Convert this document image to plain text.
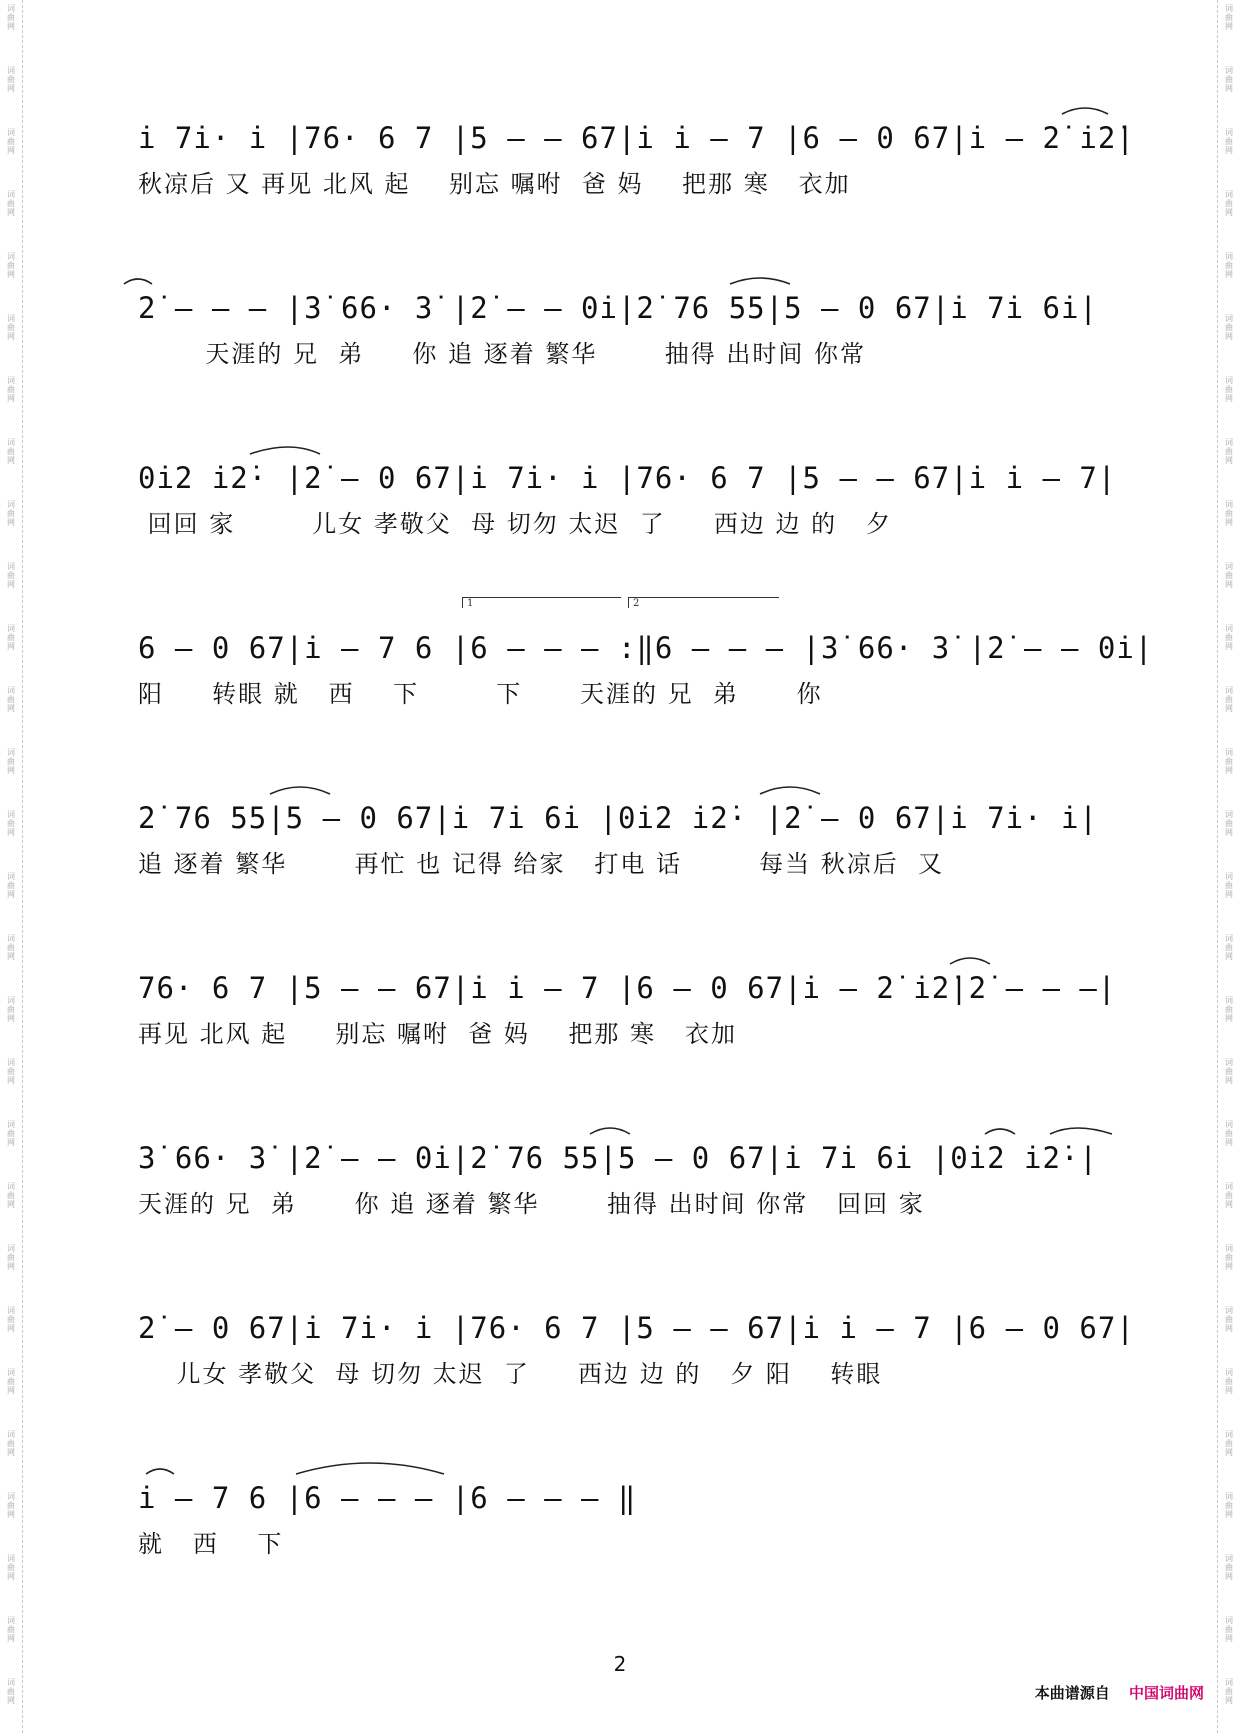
词
曲
网
词
曲
网
词
曲
网
词
曲
网
词
曲
网
词
曲
网
词
曲
网
词
曲
网
词
曲
网
词
曲
网
词
曲
网
词
曲
网
词
曲
网
词
曲
网
词
曲
网
词
曲
网
词
曲
网
词
曲
网
词
曲
网
词
曲
网
词
曲
网
词
曲
网
词
曲
网
词
曲
网
词
曲
网
词
曲
网
词
曲
网
词
曲
网
词
曲
网
词
曲
网
词
曲
网
词
曲
网
词
曲
网
词
曲
网
词
曲
网
词
曲
网
词
曲
网
词
曲
网
词
曲
网
词
曲
网
词
曲
网
词
曲
网
词
曲
网
词
曲
网
词
曲
网
词
曲
网
词
曲
网
词
曲
网
词
曲
网
词
曲
网
词
曲
网
词
曲
网
词
曲
网
词
曲
网
词
曲
网
词
曲
网
i̇ 7i̇· i̇ |76· 6 7 |5 — — 67|i̇ i̇ — 7 |6 — 0 67|i̇ — 2̇ i̇2̇|
秋凉后 又 再见 北风 起    别忘 嘱咐  爸 妈    把那 寒   衣加
2̇ — — — |3̇ 66· 3̇ |2̇ — — 0i̇|2̇ 76 55|5 — 0 67|i̇ 7i̇ 6i̇|
天涯的 兄  弟     你 追 逐着 繁华       抽得 出时间 你常
0i̇2 i̇2̇· |2̇ — 0 67|i̇ 7i̇· i̇ |76· 6 7 |5 — — 67|i̇ i̇ — 7|
回回 家        儿女 孝敬父  母 切勿 太迟  了     西边 边 的   夕
1	2
6 — 0 67|i̇ — 7 6 |6 — — — :‖6 — — — |3̇ 66· 3̇ |2̇ — — 0i̇|
阳     转眼 就   西    下        下      天涯的 兄  弟      你
2̇ 76 55|5 — 0 67|i̇ 7i̇ 6i̇ |0i̇2 i̇2̇· |2̇ — 0 67|i̇ 7i̇· i̇|
追 逐着 繁华       再忙 也 记得 给家   打电 话        每当 秋凉后  又
76· 6 7 |5 — — 67|i̇ i̇ — 7 |6 — 0 67|i̇ — 2̇ i̇2̇|2̇ — — —|
再见 北风 起     别忘 嘱咐  爸 妈    把那 寒   衣加
3̇ 66· 3̇ |2̇ — — 0i̇|2̇ 76 55|5 — 0 67|i̇ 7i̇ 6i̇ |0i̇2 i̇2̇·|
天涯的 兄  弟      你 追 逐着 繁华       抽得 出时间 你常   回回 家
2̇ — 0 67|i̇ 7i̇· i̇ |76· 6 7 |5 — — 67|i̇ i̇ — 7 |6 — 0 67|
儿女 孝敬父  母 切勿 太迟  了     西边 边 的   夕 阳    转眼
i̇ — 7 6 |6 — — — |6 — — — ‖
就   西    下
2
本曲谱源自 中国词曲网
